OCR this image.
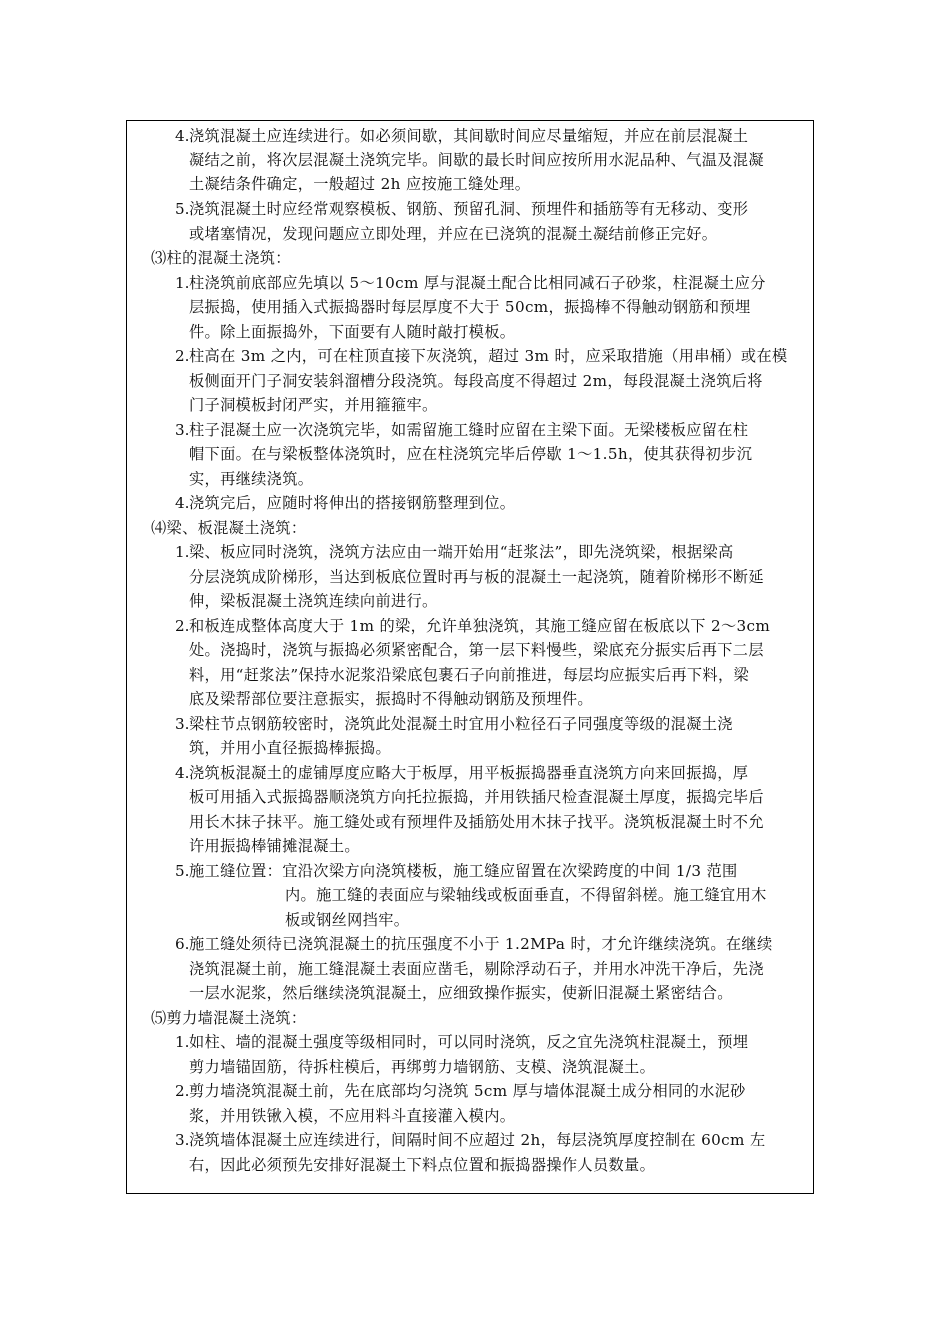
4. 浇筑混凝土应连续进行。如必须间歇，其间歇时间应尽量缩短，并应在前层混凝土
凝结之前，将次层混凝土浇筑完毕。间歇的最长时间应按所用水泥品种、气温及混凝
土凝结条件确定，一般超过 2h 应按施工缝处理。
5. 浇筑混凝土时应经常观察模板、钢筋、预留孔洞、预埋件和插筋等有无移动、变形
或堵塞情况，发现问题应立即处理，并应在已浇筑的混凝土凝结前修正完好。
⑶柱的混凝土浇筑：
1. 柱浇筑前底部应先填以 5～10cm 厚与混凝土配合比相同减石子砂浆，柱混凝土应分
层振捣，使用插入式振捣器时每层厚度不大于 50cm，振捣棒不得触动钢筋和预埋
件。除上面振捣外，下面要有人随时敲打模板。
2. 柱高在 3m 之内，可在柱顶直接下灰浇筑，超过 3m 时，应采取措施（用串桶）或在模
板侧面开门子洞安装斜溜槽分段浇筑。每段高度不得超过 2m，每段混凝土浇筑后将
门子洞模板封闭严实，并用箍箍牢。
3. 柱子混凝土应一次浇筑完毕，如需留施工缝时应留在主梁下面。无梁楼板应留在柱
帽下面。在与梁板整体浇筑时，应在柱浇筑完毕后停歇 1～1.5h，使其获得初步沉
实，再继续浇筑。
4. 浇筑完后，应随时将伸出的搭接钢筋整理到位。
⑷梁、板混凝土浇筑：
1. 梁、板应同时浇筑，浇筑方法应由一端开始用“赶浆法”，即先浇筑梁，根据梁高
分层浇筑成阶梯形，当达到板底位置时再与板的混凝土一起浇筑，随着阶梯形不断延
伸，梁板混凝土浇筑连续向前进行。
2. 和板连成整体高度大于 1m 的梁，允许单独浇筑，其施工缝应留在板底以下 2～3cm
处。浇捣时，浇筑与振捣必须紧密配合，第一层下料慢些，梁底充分振实后再下二层
料，用“赶浆法”保持水泥浆沿梁底包裹石子向前推进，每层均应振实后再下料，梁
底及梁帮部位要注意振实，振捣时不得触动钢筋及预埋件。
3. 梁柱节点钢筋较密时，浇筑此处混凝土时宜用小粒径石子同强度等级的混凝土浇
筑，并用小直径振捣棒振捣。
4. 浇筑板混凝土的虚铺厚度应略大于板厚，用平板振捣器垂直浇筑方向来回振捣，厚
板可用插入式振捣器顺浇筑方向托拉振捣，并用铁插尺检查混凝土厚度，振捣完毕后
用长木抹子抹平。施工缝处或有预埋件及插筋处用木抹子找平。浇筑板混凝土时不允
许用振捣棒铺摊混凝土。
5. 施工缝位置：宜沿次梁方向浇筑楼板，施工缝应留置在次梁跨度的中间 1/3 范围
内。施工缝的表面应与梁轴线或板面垂直，不得留斜槎。施工缝宜用木
板或钢丝网挡牢。
6. 施工缝处须待已浇筑混凝土的抗压强度不小于 1.2MPa 时，才允许继续浇筑。在继续
浇筑混凝土前，施工缝混凝土表面应凿毛，剔除浮动石子，并用水冲洗干净后，先浇
一层水泥浆，然后继续浇筑混凝土，应细致操作振实，使新旧混凝土紧密结合。
⑸剪力墙混凝土浇筑：
1. 如柱、墙的混凝土强度等级相同时，可以同时浇筑，反之宜先浇筑柱混凝土，预埋
剪力墙锚固筋，待拆柱模后，再绑剪力墙钢筋、支模、浇筑混凝土。
2. 剪力墙浇筑混凝土前，先在底部均匀浇筑 5cm 厚与墙体混凝土成分相同的水泥砂
浆，并用铁锹入模，不应用料斗直接灌入模内。
3. 浇筑墙体混凝土应连续进行，间隔时间不应超过 2h，每层浇筑厚度控制在 60cm 左
右，因此必须预先安排好混凝土下料点位置和振捣器操作人员数量。
